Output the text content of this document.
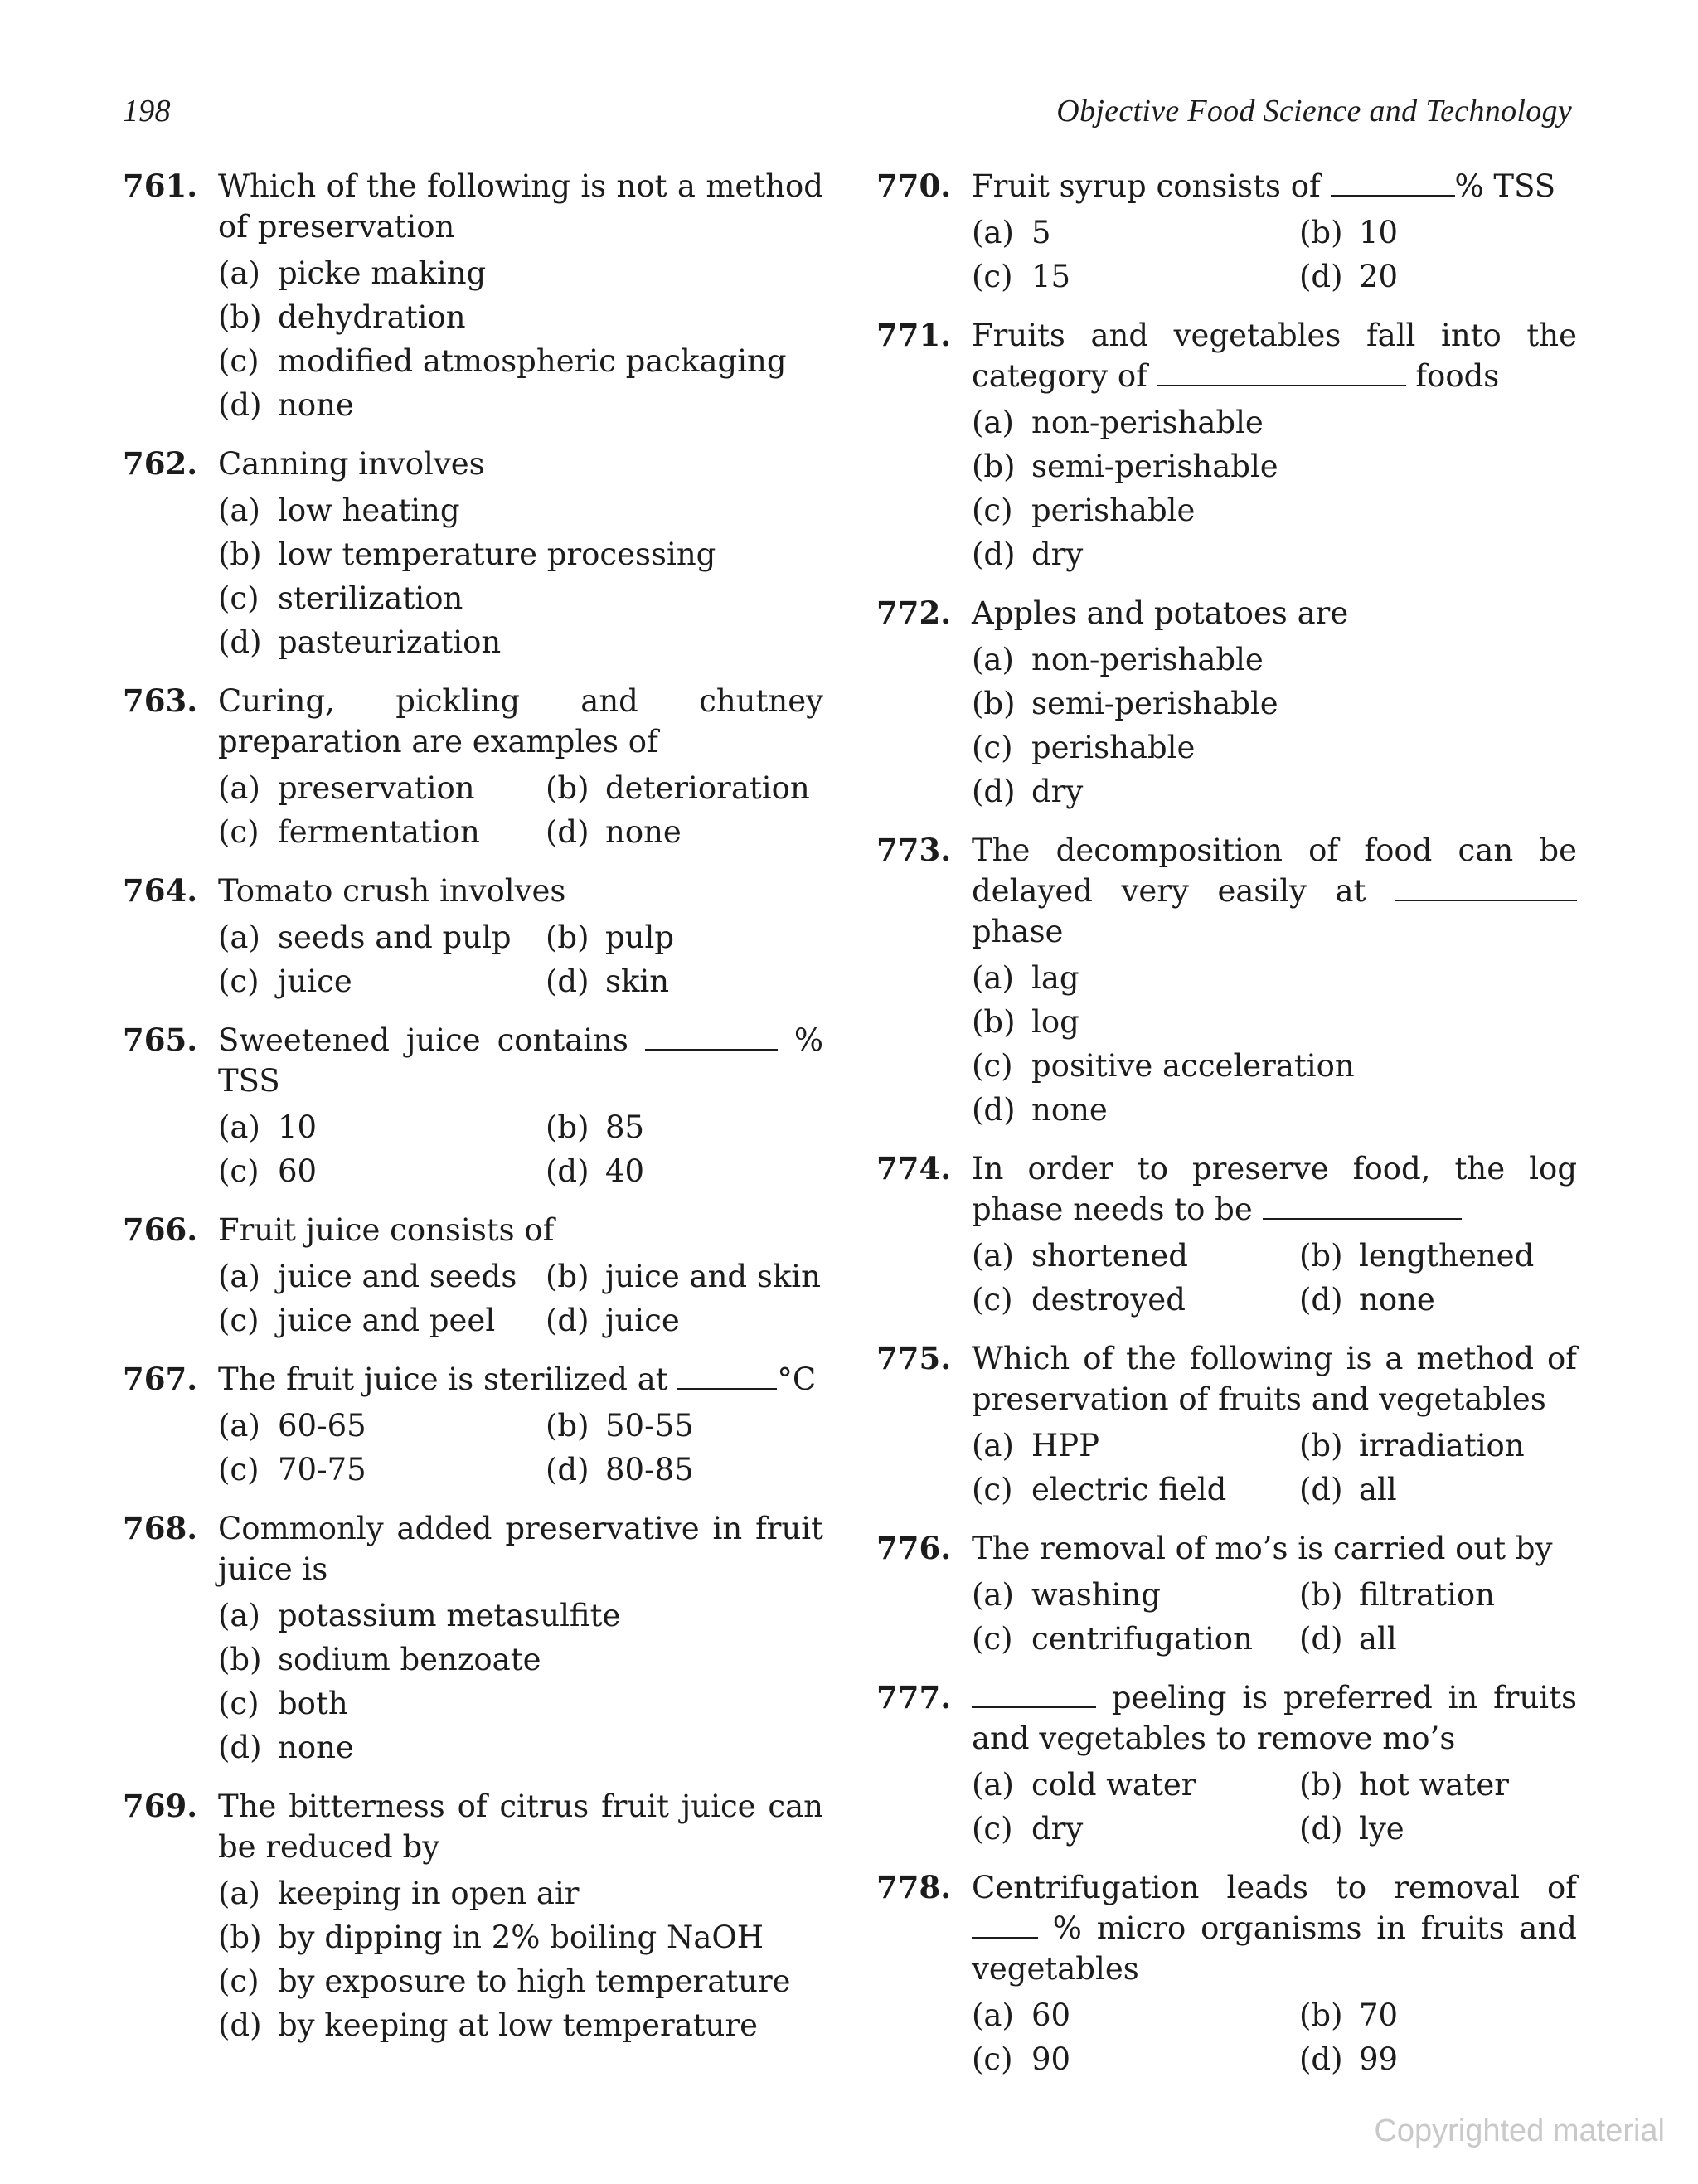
198	Objective Food Science and Technology
761. Which of the following is not a method of preservation
(a) picke making
(b) dehydration
(c) modified atmospheric packaging
(d) none
762. Canning involves
(a) low heating
(b) low temperature processing
(c) sterilization
(d) pasteurization
763. Curing, pickling and chutney preparation are examples of
(a) preservation (b) deterioration
(c) fermentation (d) none
764. Tomato crush involves
(a) seeds and pulp (b) pulp
(c) juice	(d) skin
765. Sweetened juice contains	% TSS
(a) 10	(b) 85
(c) 60	(d) 40
766. Fruit juice consists of
(a) juice and seeds (b) juice and skin
(c) juice and peel (d) juice
767. The fruit juice is sterilized at	°C
(a) 60-65	(b) 50-55
(c) 70-75	(d) 80-85
768. Commonly added preservative in fruit juice is
(a) potassium metasulfite
(b) sodium benzoate
(c) both
(d) none
769. The bitterness of citrus fruit juice can be reduced by
(a) keeping in open air
(b) by dipping in 2% boiling NaOH
(c) by exposure to high temperature
(d) by keeping at low temperature
770. Fruit syrup consists of	% TSS
(a) 5	(b) 10
(c) 15	(d) 20
771. Fruits and vegetables fall into the category of	foods
(a) non-perishable
(b) semi-perishable
(c) perishable
(d) dry
772. Apples and potatoes are
(a) non-perishable
(b) semi-perishable
(c) perishable
(d) dry
773. The decomposition of food can be delayed very easily at  phase
(a) lag
(b) log
(c) positive acceleration
(d) none
774. In order to preserve food, the log phase needs to be
(a) shortened	(b) lengthened
(c) destroyed	(d) none
775. Which of the following is a method of preservation of fruits and vegetables
(a) HPP	(b) irradiation
(c) electric field (d) all
776. The removal of mo’s is carried out by
(a) washing	(b) filtration
(c) centrifugation (d) all
777.	peeling is preferred in fruits and vegetables to remove mo’s
(a) cold water	(b) hot water
(c) dry	(d) lye
778. Centrifugation leads to removal of  % micro organisms in fruits and vegetables
(a) 60	(b) 70
(c) 90	(d) 99
Copyrighted material
